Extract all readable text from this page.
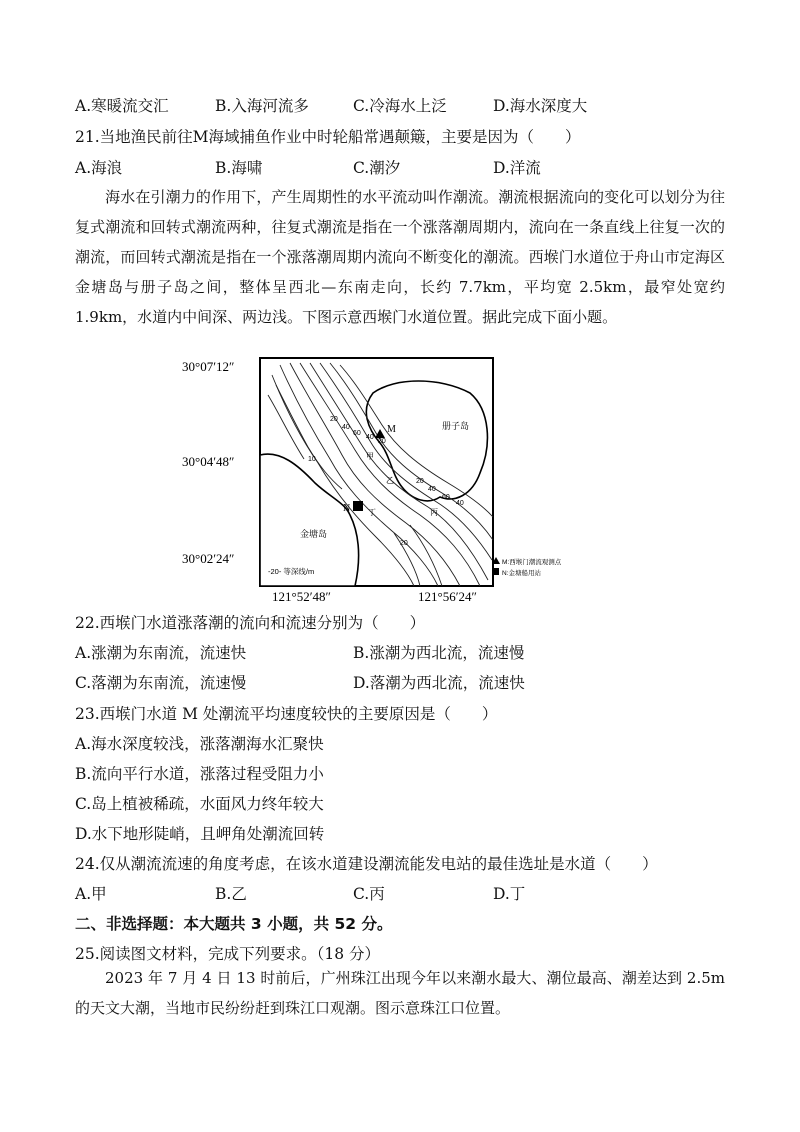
A.寒暖流交汇	B.入海河流多	C.冷海水上泛	D.海水深度大
21.当地渔民前往M海域捕鱼作业中时轮船常遇颠簸，主要是因为（　　）
A.海浪	B.海啸	C.潮汐	D.洋流
海水在引潮力的作用下，产生周期性的水平流动叫作潮流。潮流根据流向的变化可以划分为往复式潮流和回转式潮流两种，往复式潮流是指在一个涨落潮周期内，流向在一条直线上往复一次的潮流，而回转式潮流是指在一个涨落潮周期内流向不断变化的潮流。西堠门水道位于舟山市定海区金塘岛与册子岛之间，整体呈西北—东南走向，长约 7.7km，平均宽 2.5km，最窄处宽约 1.9km，水道内中间深、两边浅。下图示意西堠门水道位置。据此完成下面小题。
30°07′12″
30°04′48″
30°02′24″
121°52′48″	121°56′24″
20
40
60
40
20
10
20
40
60
40
20
册子岛
金塘岛
M
N
甲
乙
丙
丁
-20- 等深线/m
M:西堠门潮流观测点
N:金塘船用站
22.西堠门水道涨落潮的流向和流速分别为（　　）
A.涨潮为东南流，流速快	B.涨潮为西北流，流速慢
C.落潮为东南流，流速慢	D.落潮为西北流，流速快
23.西堠门水道 M 处潮流平均速度较快的主要原因是（　　）
A.海水深度较浅，涨落潮海水汇聚快
B.流向平行水道，涨落过程受阻力小
C.岛上植被稀疏，水面风力终年较大
D.水下地形陡峭，且岬角处潮流回转
24.仅从潮流流速的角度考虑，在该水道建设潮流能发电站的最佳选址是水道（　　）
A.甲	B.乙	C.丙	D.丁
二、非选择题：本大题共 3 小题，共 52 分。
25.阅读图文材料，完成下列要求。（18 分）
2023 年 7 月 4 日 13 时前后，广州珠江出现今年以来潮水最大、潮位最高、潮差达到 2.5m 的天文大潮，当地市民纷纷赶到珠江口观潮。图示意珠江口位置。
